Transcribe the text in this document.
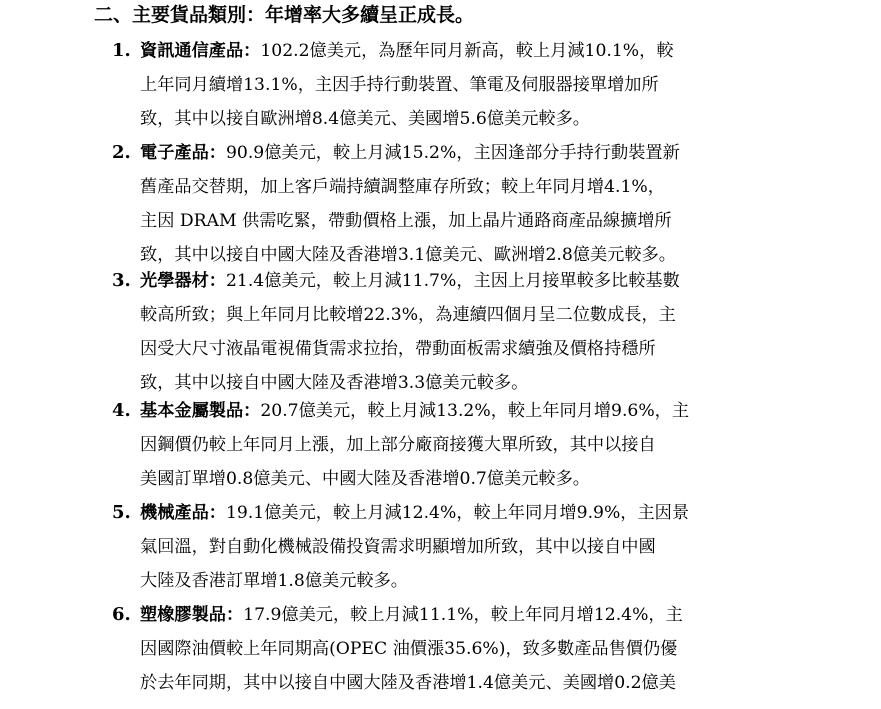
二、主要貨品類別：年增率大多續呈正成長。
1. 資訊通信產品：102.2億美元，為歷年同月新高，較上月減10.1%，較
上年同月續增13.1%，主因手持行動裝置、筆電及伺服器接單增加所
致，其中以接自歐洲增8.4億美元、美國增5.6億美元較多。
2. 電子產品：90.9億美元，較上月減15.2%，主因逢部分手持行動裝置新
舊產品交替期，加上客戶端持續調整庫存所致；較上年同月增4.1%，
主因 DRAM 供需吃緊，帶動價格上漲，加上晶片通路商產品線擴增所
致，其中以接自中國大陸及香港增3.1億美元、歐洲增2.8億美元較多。
3. 光學器材：21.4億美元，較上月減11.7%，主因上月接單較多比較基數
較高所致；與上年同月比較增22.3%，為連續四個月呈二位數成長，主
因受大尺寸液晶電視備貨需求拉抬，帶動面板需求續強及價格持穩所
致，其中以接自中國大陸及香港增3.3億美元較多。
4. 基本金屬製品：20.7億美元，較上月減13.2%，較上年同月增9.6%，主
因鋼價仍較上年同月上漲，加上部分廠商接獲大單所致，其中以接自
美國訂單增0.8億美元、中國大陸及香港增0.7億美元較多。
5. 機械產品：19.1億美元，較上月減12.4%，較上年同月增9.9%，主因景
氣回溫，對自動化機械設備投資需求明顯增加所致，其中以接自中國
大陸及香港訂單增1.8億美元較多。
6. 塑橡膠製品：17.9億美元，較上月減11.1%，較上年同月增12.4%，主
因國際油價較上年同期高(OPEC 油價漲35.6%)，致多數產品售價仍優
於去年同期，其中以接自中國大陸及香港增1.4億美元、美國增0.2億美
